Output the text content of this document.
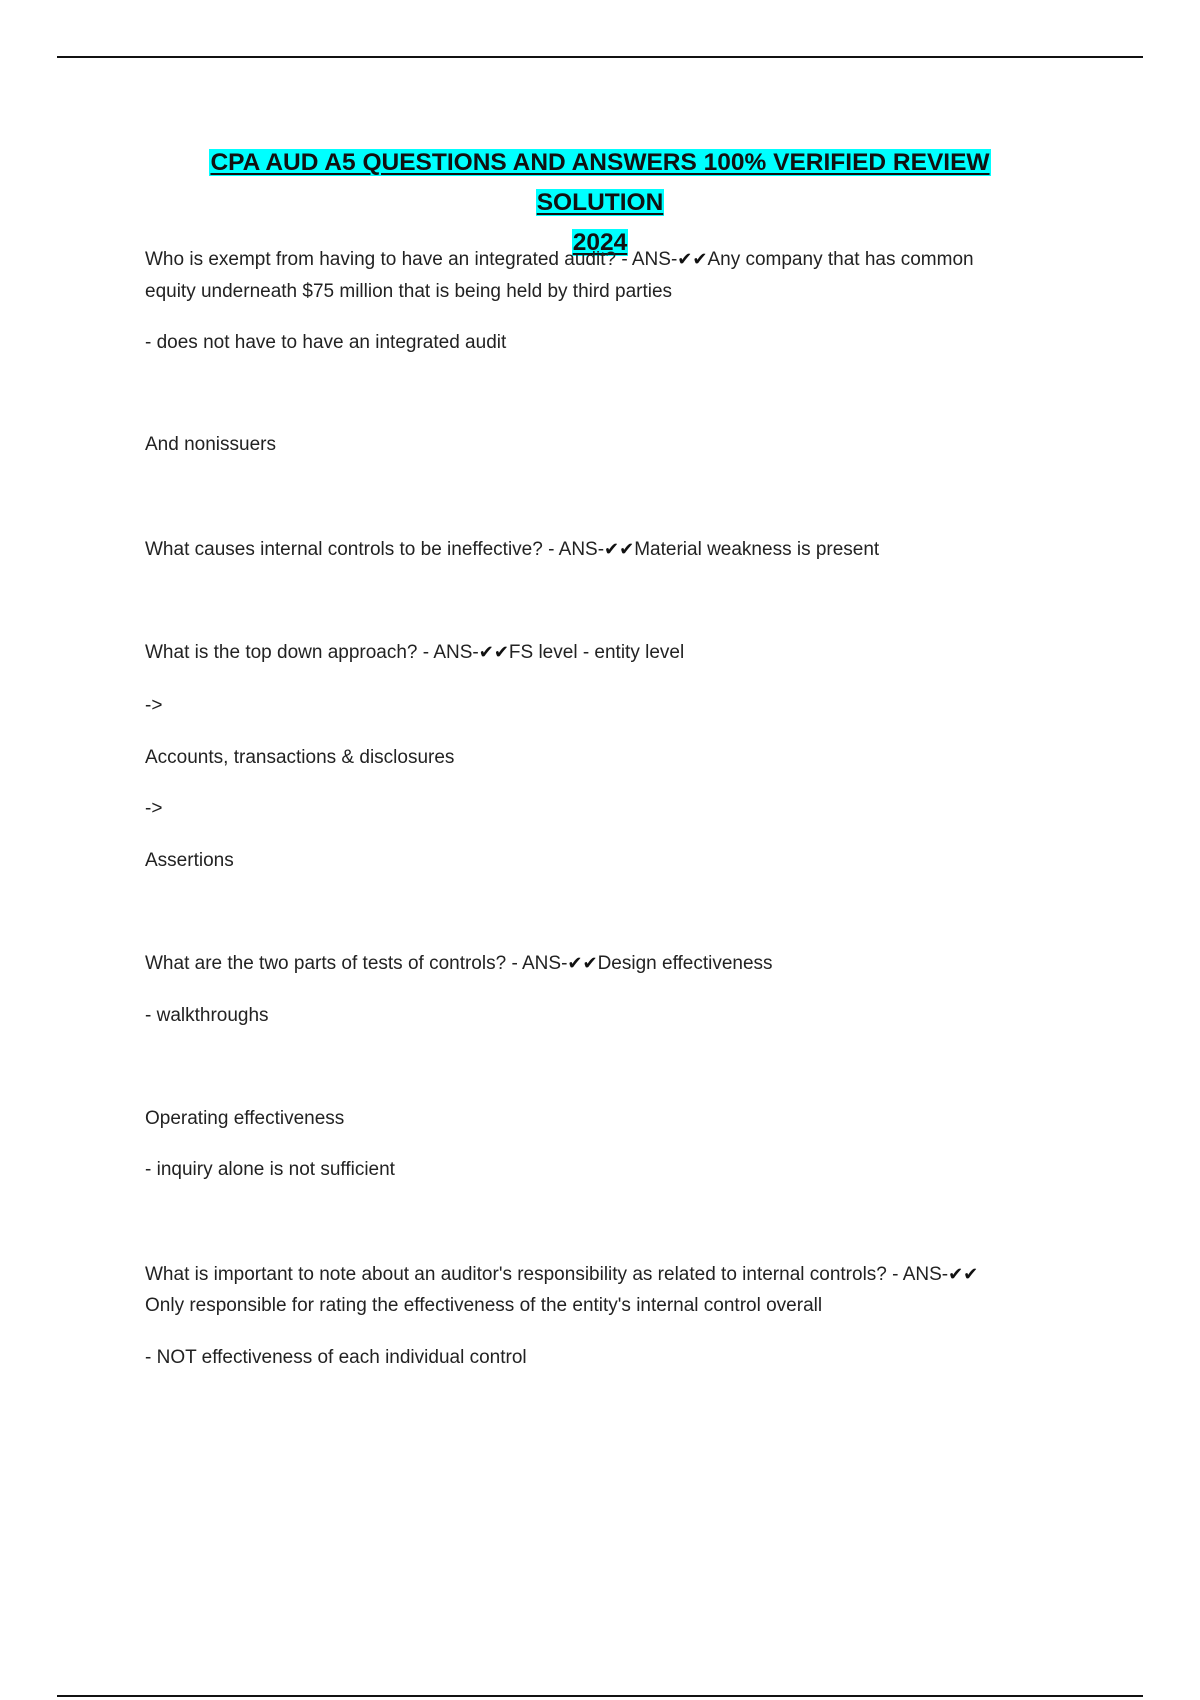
CPA AUD A5 QUESTIONS AND ANSWERS 100% VERIFIED REVIEW SOLUTION
2024
Who is exempt from having to have an integrated audit? - ANS-✔✔Any company that has common
equity underneath $75 million that is being held by third parties
- does not have to have an integrated audit
And nonissuers
What causes internal controls to be ineffective? - ANS-✔✔Material weakness is present
What is the top down approach? - ANS-✔✔FS level - entity level
->
Accounts, transactions & disclosures
->
Assertions
What are the two parts of tests of controls? - ANS-✔✔Design effectiveness
- walkthroughs
Operating effectiveness
- inquiry alone is not sufficient
What is important to note about an auditor's responsibility as related to internal controls? - ANS-✔✔
Only responsible for rating the effectiveness of the entity's internal control overall
- NOT effectiveness of each individual control
